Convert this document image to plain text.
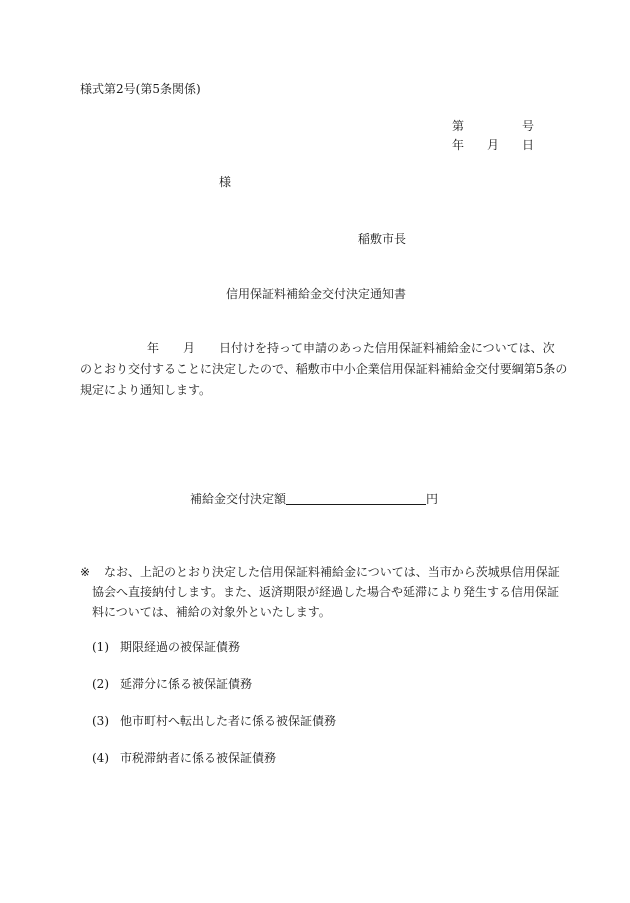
様式第2号(第5条関係)
第	号
年 月 日
様
稲敷市長
信用保証料補給金交付決定通知書
年 月 日付けを持って申請のあった信用保証料補給金については、次
のとおり交付することに決定したので、稲敷市中小企業信用保証料補給金交付要綱第5条の
規定により通知します。
補給金交付決定額	円
※ なお、上記のとおり決定した信用保証料補給金については、当市から茨城県信用保証
協会へ直接納付します。また、返済期限が経過した場合や延滞により発生する信用保証
料については、補給の対象外といたします。
(1) 期限経過の被保証債務
(2) 延滞分に係る被保証債務
(3) 他市町村へ転出した者に係る被保証債務
(4) 市税滞納者に係る被保証債務
